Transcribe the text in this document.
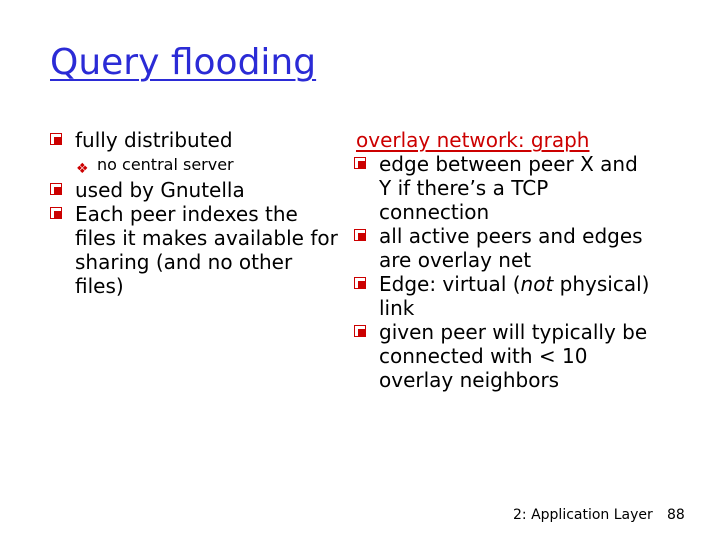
Query flooding

fully distributed

❖ no central server

used by Gnutella

Each peer indexes the files it makes available for sharing (and no other files)

overlay network: graph

edge between peer X and Y if there’s a TCP connection

all active peers and edges are overlay net

Edge: virtual (not physical) link

given peer will typically be connected with < 10 overlay neighbors

2: Application Layer 88
